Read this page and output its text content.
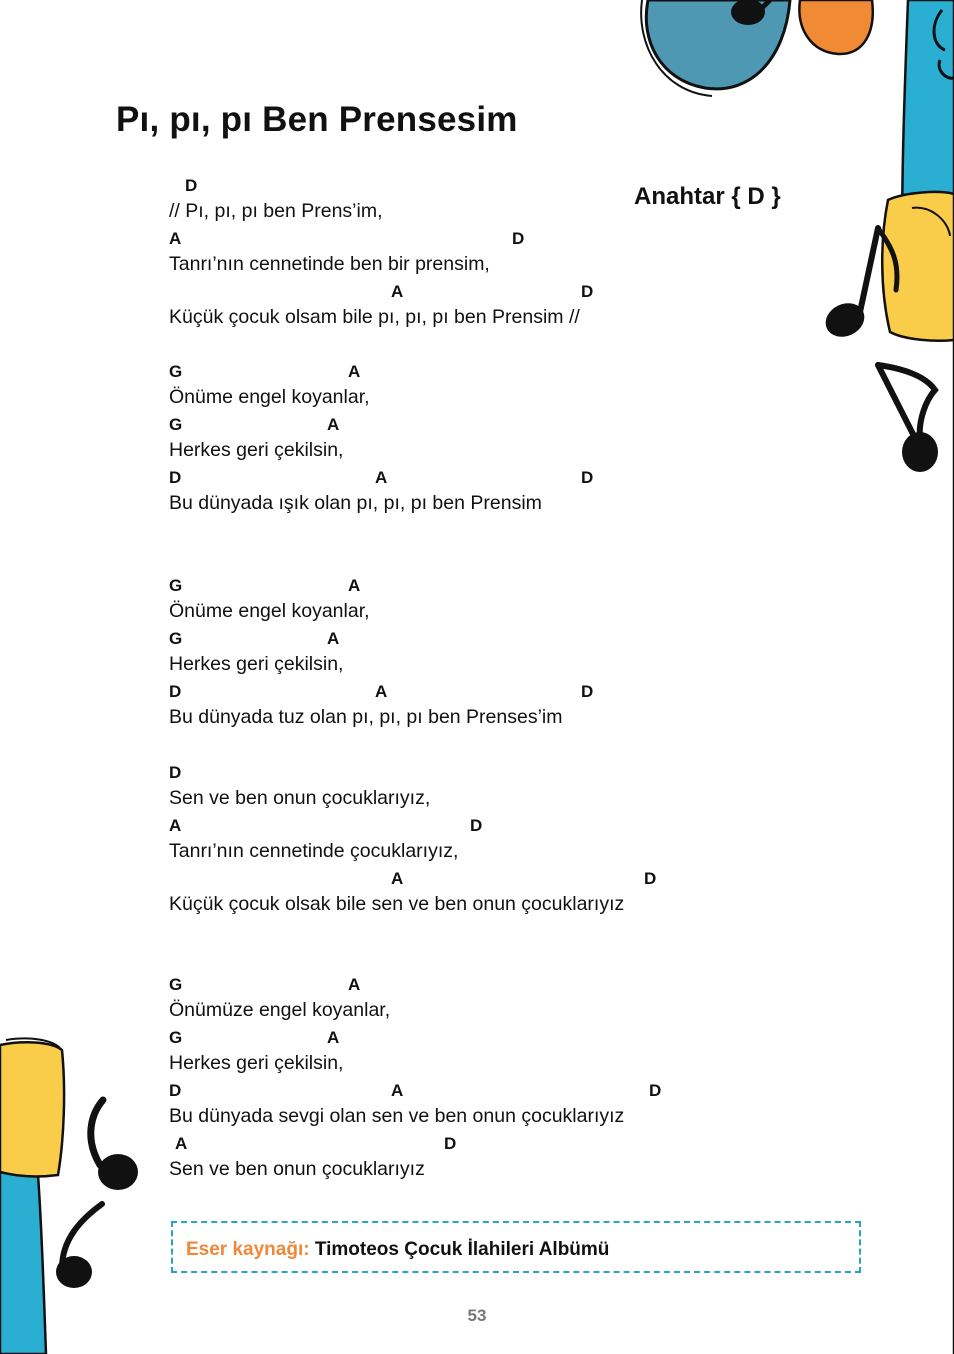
Pı, pı, pı Ben Prensesim
Anahtar { D }
D
// Pı, pı, pı ben Prens’im,
A	D
Tanrı’nın cennetinde ben bir prensim,
A	D
Küçük çocuk olsam bile pı, pı, pı ben Prensim //
G	A
Önüme engel koyanlar,
G	A
Herkes geri çekilsin,
D	A	D
Bu dünyada ışık olan pı, pı, pı ben Prensim
G	A
Önüme engel koyanlar,
G	A
Herkes geri çekilsin,
D	A	D
Bu dünyada tuz olan pı, pı, pı ben Prenses’im
D
Sen ve ben onun çocuklarıyız,
A	D
Tanrı’nın cennetinde çocuklarıyız,
A	D
Küçük çocuk olsak bile sen ve ben onun çocuklarıyız
G	A
Önümüze engel koyanlar,
G	A
Herkes geri çekilsin,
D	A	D
Bu dünyada sevgi olan sen ve ben onun çocuklarıyız
A	D
Sen ve ben onun çocuklarıyız
Eser kaynağı: Timoteos Çocuk İlahileri Albümü
53
